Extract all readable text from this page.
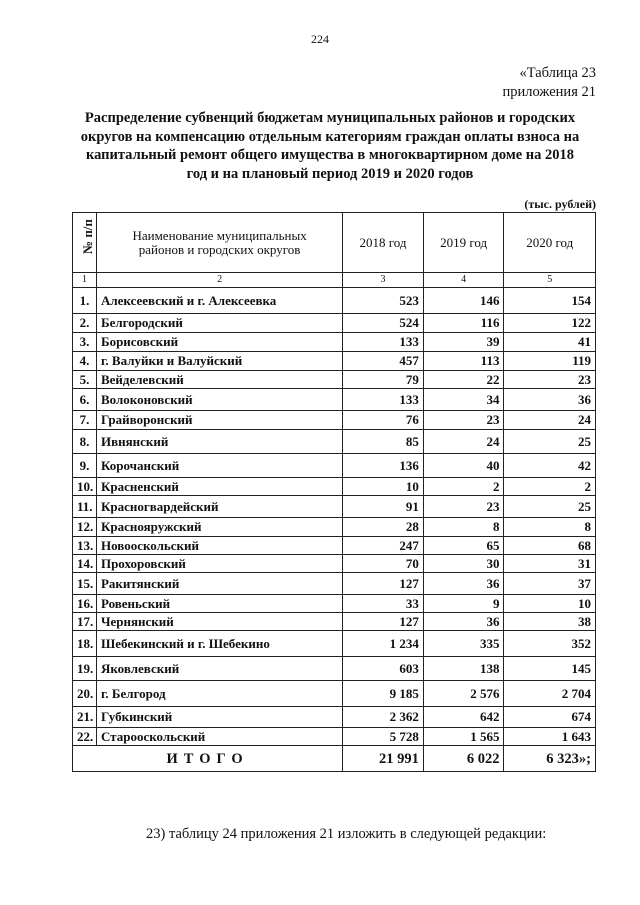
224
«Таблица 23
приложения 21
Распределение субвенций бюджетам муниципальных районов и городских
округов на компенсацию отдельным категориям граждан оплаты взноса на
капитальный ремонт общего имущества в многоквартирном доме на 2018
год и на плановый период 2019 и 2020 годов
(тыс. рублей)
№ п/п	Наименование муниципальных
районов и городских округов	2018 год	2019 год	2020 год
1	2	3	4	5
1.	Алексеевский и г. Алексеевка	523	146	154
2.	Белгородский	524	116	122
3.	Борисовский	133	39	41
4.	г. Валуйки и Валуйский	457	113	119
5.	Вейделевский	79	22	23
6.	Волоконовский	133	34	36
7.	Грайворонский	76	23	24
8.	Ивнянский	85	24	25
9.	Корочанский	136	40	42
10.	Красненский	10	2	2
11.	Красногвардейский	91	23	25
12.	Краснояружский	28	8	8
13.	Новооскольский	247	65	68
14.	Прохоровский	70	30	31
15.	Ракитянский	127	36	37
16.	Ровеньский	33	9	10
17.	Чернянский	127	36	38
18.	Шебекинский и г. Шебекино	1 234	335	352
19.	Яковлевский	603	138	145
20.	г. Белгород	9 185	2 576	2 704
21.	Губкинский	2 362	642	674
22.	Старооскольский	5 728	1 565	1 643
ИТОГО		21 991	6 022	6 323»;
23) таблицу 24 приложения 21 изложить в следующей редакции:
